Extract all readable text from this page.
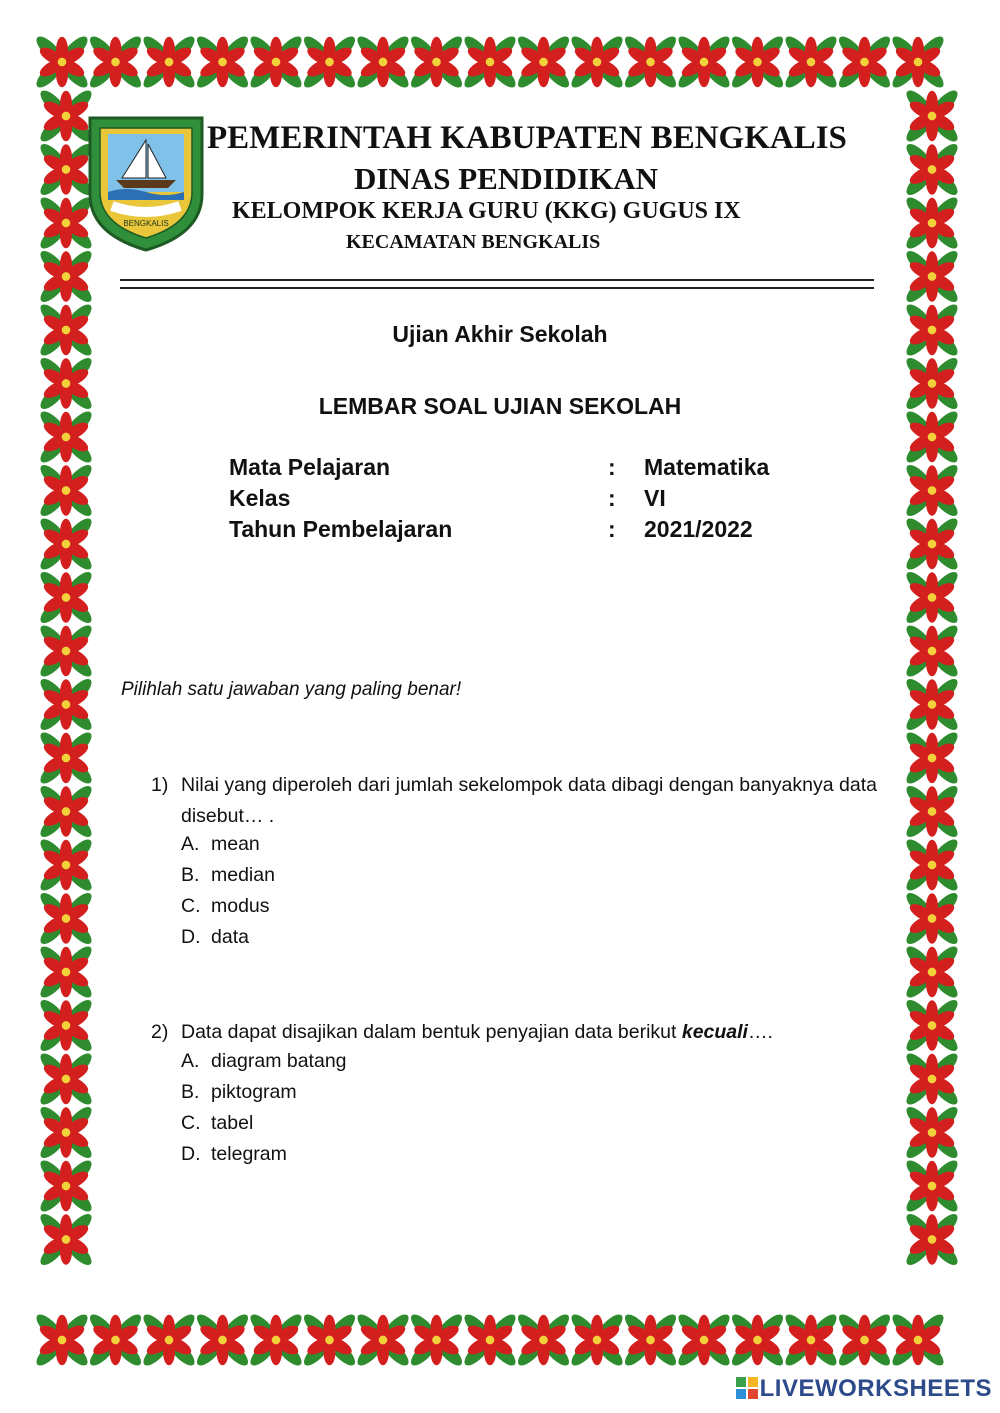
BENGKALIS
PEMERINTAH KABUPATEN BENGKALIS
DINAS PENDIDIKAN
KELOMPOK KERJA GURU (KKG) GUGUS IX
KECAMATAN BENGKALIS
Ujian Akhir Sekolah
LEMBAR SOAL UJIAN SEKOLAH
Mata Pelajaran	: Matematika
Kelas	: VI
Tahun Pembelajaran	: 2021/2022
Pilihlah satu jawaban yang paling benar!
1) Nilai yang diperoleh dari jumlah sekelompok data dibagi dengan banyaknya data disebut… .
A. mean
B. median
C. modus
D. data
2) Data dapat disajikan dalam bentuk penyajian data berikut kecuali….
A. diagram batang
B. piktogram
C. tabel
D. telegram
LIVEWORKSHEETS
